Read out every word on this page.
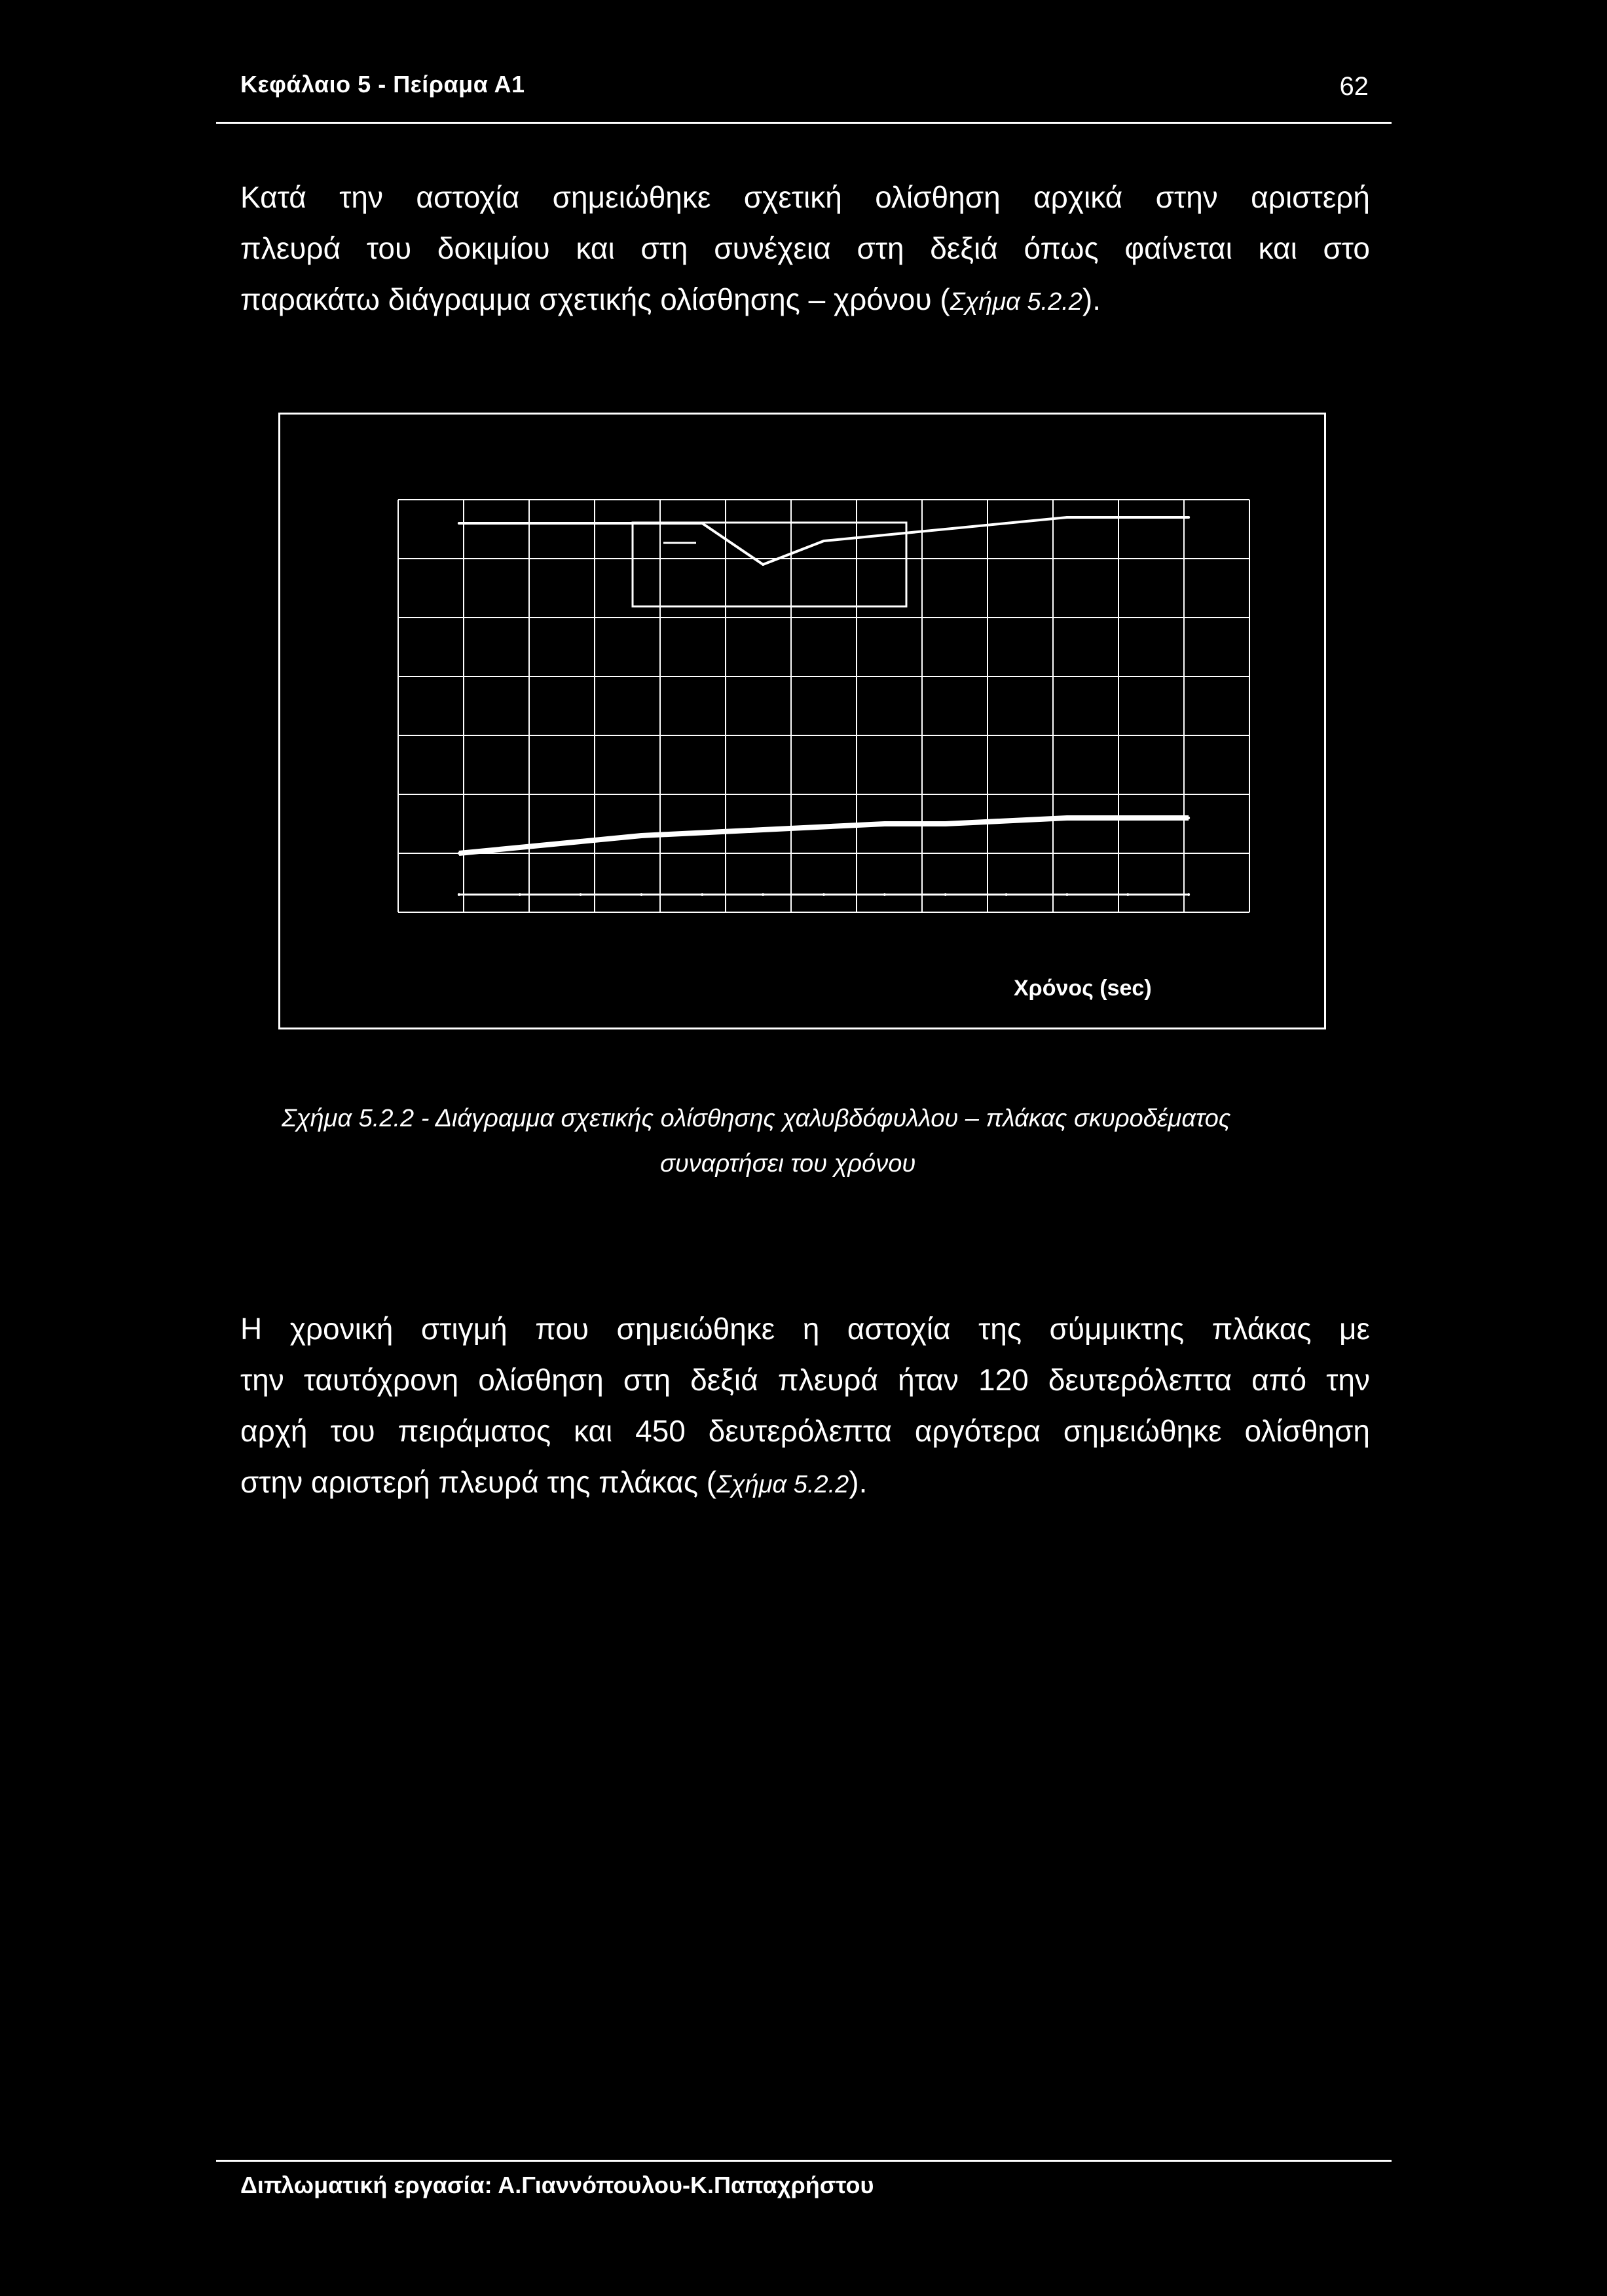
Κεφάλαιο 5 - Πείραμα Α1	62
Κατά την αστοχία σημειώθηκε σχετική ολίσθηση αρχικά στην αριστερή
πλευρά του δοκιμίου και στη συνέχεια στη δεξιά όπως φαίνεται και στο
παρακάτω διάγραμμα σχετικής ολίσθησης – χρόνου (Σχήμα 5.2.2).
Χρόνος (sec)
Σχήμα 5.2.2 - Διάγραμμα σχετικής ολίσθησης χαλυβδόφυλλου – πλάκας σκυροδέματος
συναρτήσει του χρόνου
Η χρονική στιγμή που σημειώθηκε η αστοχία της σύμμικτης πλάκας με
την ταυτόχρονη ολίσθηση στη δεξιά πλευρά ήταν 120 δευτερόλεπτα από την
αρχή του πειράματος και 450 δευτερόλεπτα αργότερα σημειώθηκε ολίσθηση
στην αριστερή πλευρά της πλάκας (Σχήμα 5.2.2).
Διπλωματική εργασία: Α.Γιαννόπουλου-Κ.Παπαχρήστου
